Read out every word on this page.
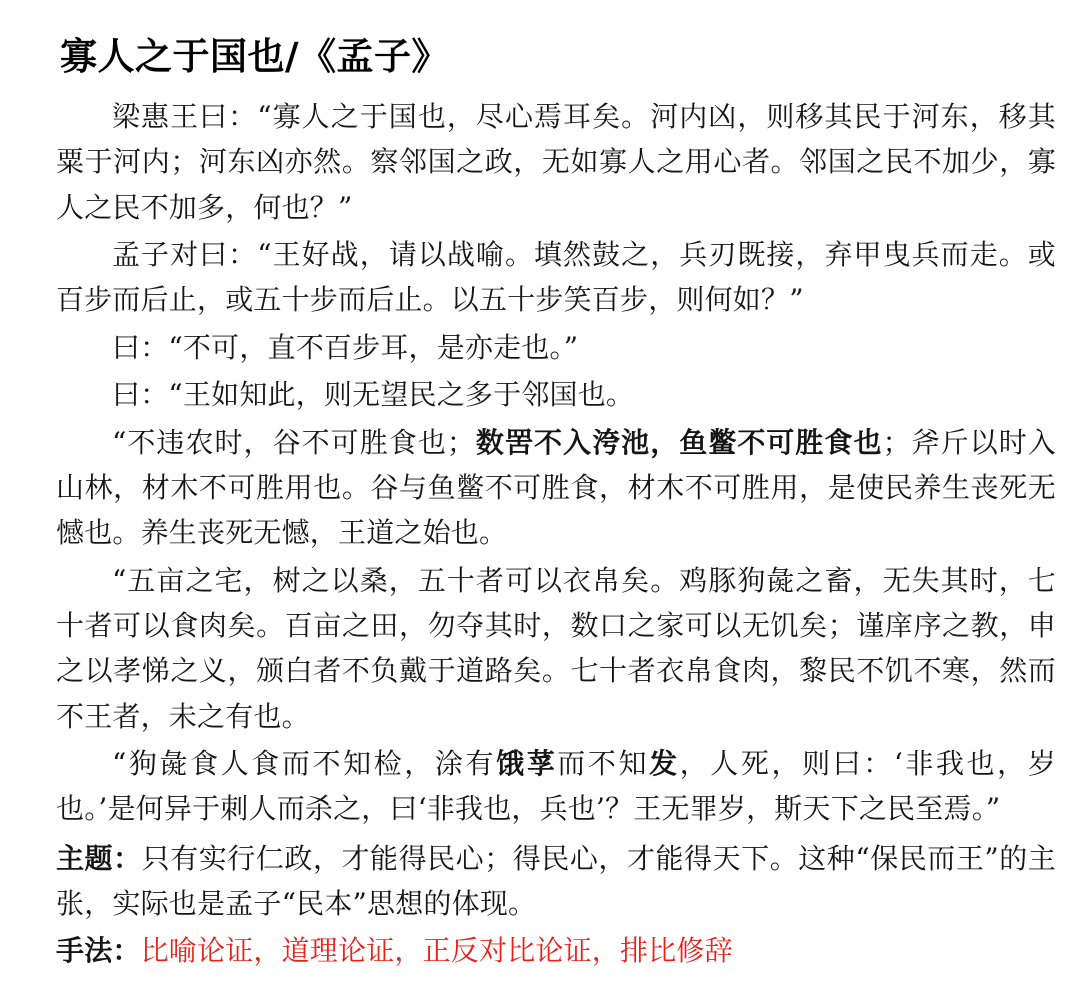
寡人之于国也/《孟子》

梁惠王曰：“寡人之于国也，尽心焉耳矣。河内凶，则移其民于河东，移其粟于河内；河东凶亦然。察邻国之政，无如寡人之用心者。邻国之民不加少，寡人之民不加多，何也？”

孟子对曰：“王好战，请以战喻。填然鼓之，兵刃既接，弃甲曳兵而走。或百步而后止，或五十步而后止。以五十步笑百步，则何如？”

曰：“不可，直不百步耳，是亦走也。”

曰：“王如知此，则无望民之多于邻国也。

“不违农时，谷不可胜食也；数罟不入洿池，鱼鳖不可胜食也；斧斤以时入山林，材木不可胜用也。谷与鱼鳖不可胜食，材木不可胜用，是使民养生丧死无憾也。养生丧死无憾，王道之始也。

“五亩之宅，树之以桑，五十者可以衣帛矣。鸡豚狗彘之畜，无失其时，七十者可以食肉矣。百亩之田，勿夺其时，数口之家可以无饥矣；谨庠序之教，申之以孝悌之义，颁白者不负戴于道路矣。七十者衣帛食肉，黎民不饥不寒，然而不王者，未之有也。

“狗彘食人食而不知检，涂有饿莩而不知发，人死，则曰：‘非我也，岁也。’是何异于刺人而杀之，曰‘非我也，兵也’？王无罪岁，斯天下之民至焉。”

主题：只有实行仁政，才能得民心；得民心，才能得天下。这种“保民而王”的主张，实际也是孟子“民本”思想的体现。

手法：比喻论证，道理论证，正反对比论证，排比修辞
